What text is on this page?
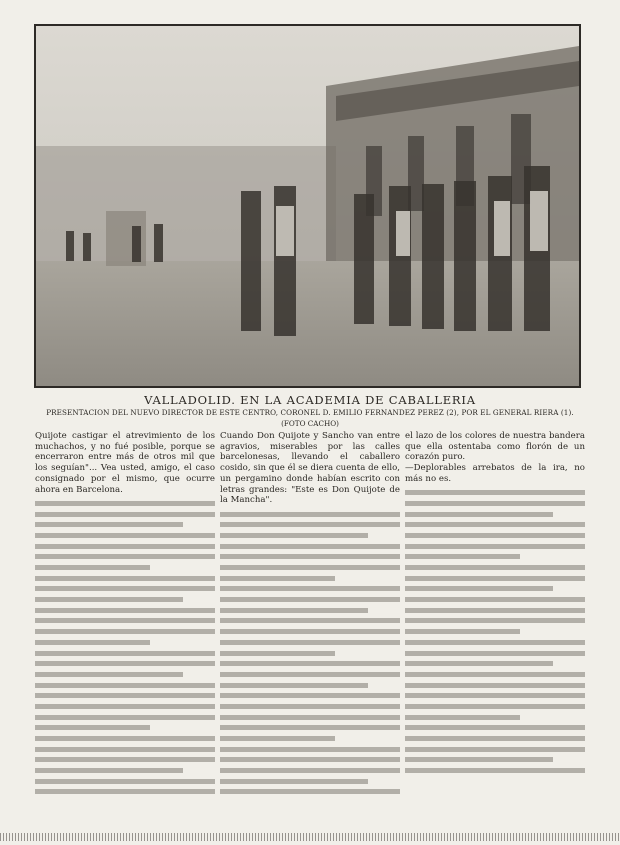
VALLADOLID. EN LA ACADEMIA DE CABALLERIA
PRESENTACION DEL NUEVO DIRECTOR DE ESTE CENTRO, CORONEL D. EMILIO FERNANDEZ PEREZ (2), POR EL GENERAL RIERA (1).
(FOTO CACHO)

Quijote castigar el atrevimiento de los muchachos, y no fué posible, porque se encerraron entre más de otros mil que los seguían"... Vea usted, amigo, el caso consignado por el mismo, que ocurre ahora en Barcelona.

Cuando Don Quijote y Sancho van entre agravios, miserables por las calles barcelonesas, llevando el caballero cosido, sin que él se diera cuenta de ello, un pergamino donde habían escrito con letras grandes: "Este es Don Quijote de la Mancha".

el lazo de los colores de nuestra bandera que ella ostentaba como florón de un corazón puro.

—Deplorables arrebatos de la ira, no más no es.
